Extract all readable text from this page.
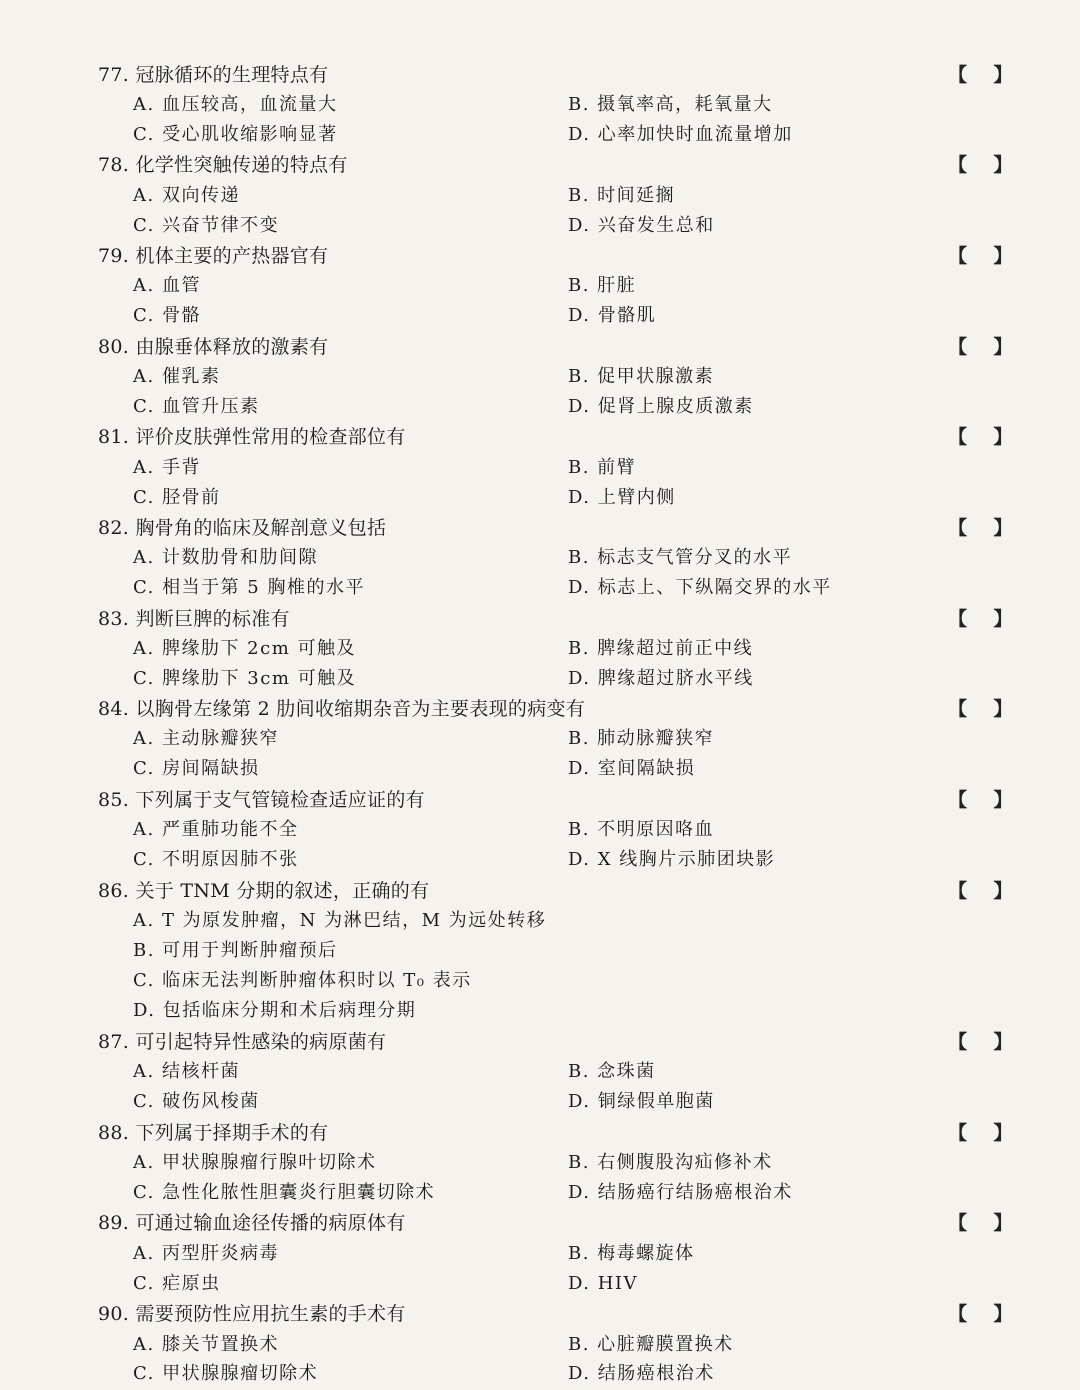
77. 冠脉循环的生理特点有	【    】
A. 血压较高，血流量大	B. 摄氧率高，耗氧量大
C. 受心肌收缩影响显著	D. 心率加快时血流量增加
78. 化学性突触传递的特点有	【    】
A. 双向传递	B. 时间延搁
C. 兴奋节律不变	D. 兴奋发生总和
79. 机体主要的产热器官有	【    】
A. 血管	B. 肝脏
C. 骨骼	D. 骨骼肌
80. 由腺垂体释放的激素有	【    】
A. 催乳素	B. 促甲状腺激素
C. 血管升压素	D. 促肾上腺皮质激素
81. 评价皮肤弹性常用的检查部位有	【    】
A. 手背	B. 前臂
C. 胫骨前	D. 上臂内侧
82. 胸骨角的临床及解剖意义包括	【    】
A. 计数肋骨和肋间隙	B. 标志支气管分叉的水平
C. 相当于第 5 胸椎的水平	D. 标志上、下纵隔交界的水平
83. 判断巨脾的标准有	【    】
A. 脾缘肋下 2cm 可触及	B. 脾缘超过前正中线
C. 脾缘肋下 3cm 可触及	D. 脾缘超过脐水平线
84. 以胸骨左缘第 2 肋间收缩期杂音为主要表现的病变有	【    】
A. 主动脉瓣狭窄	B. 肺动脉瓣狭窄
C. 房间隔缺损	D. 室间隔缺损
85. 下列属于支气管镜检查适应证的有	【    】
A. 严重肺功能不全	B. 不明原因咯血
C. 不明原因肺不张	D. X 线胸片示肺团块影
86. 关于 TNM 分期的叙述，正确的有	【    】
A. T 为原发肿瘤，N 为淋巴结，M 为远处转移
B. 可用于判断肿瘤预后
C. 临床无法判断肿瘤体积时以 T₀ 表示
D. 包括临床分期和术后病理分期
87. 可引起特异性感染的病原菌有	【    】
A. 结核杆菌	B. 念珠菌
C. 破伤风梭菌	D. 铜绿假单胞菌
88. 下列属于择期手术的有	【    】
A. 甲状腺腺瘤行腺叶切除术	B. 右侧腹股沟疝修补术
C. 急性化脓性胆囊炎行胆囊切除术	D. 结肠癌行结肠癌根治术
89. 可通过输血途径传播的病原体有	【    】
A. 丙型肝炎病毒	B. 梅毒螺旋体
C. 疟原虫	D. HIV
90. 需要预防性应用抗生素的手术有	【    】
A. 膝关节置换术	B. 心脏瓣膜置换术
C. 甲状腺腺瘤切除术	D. 结肠癌根治术
